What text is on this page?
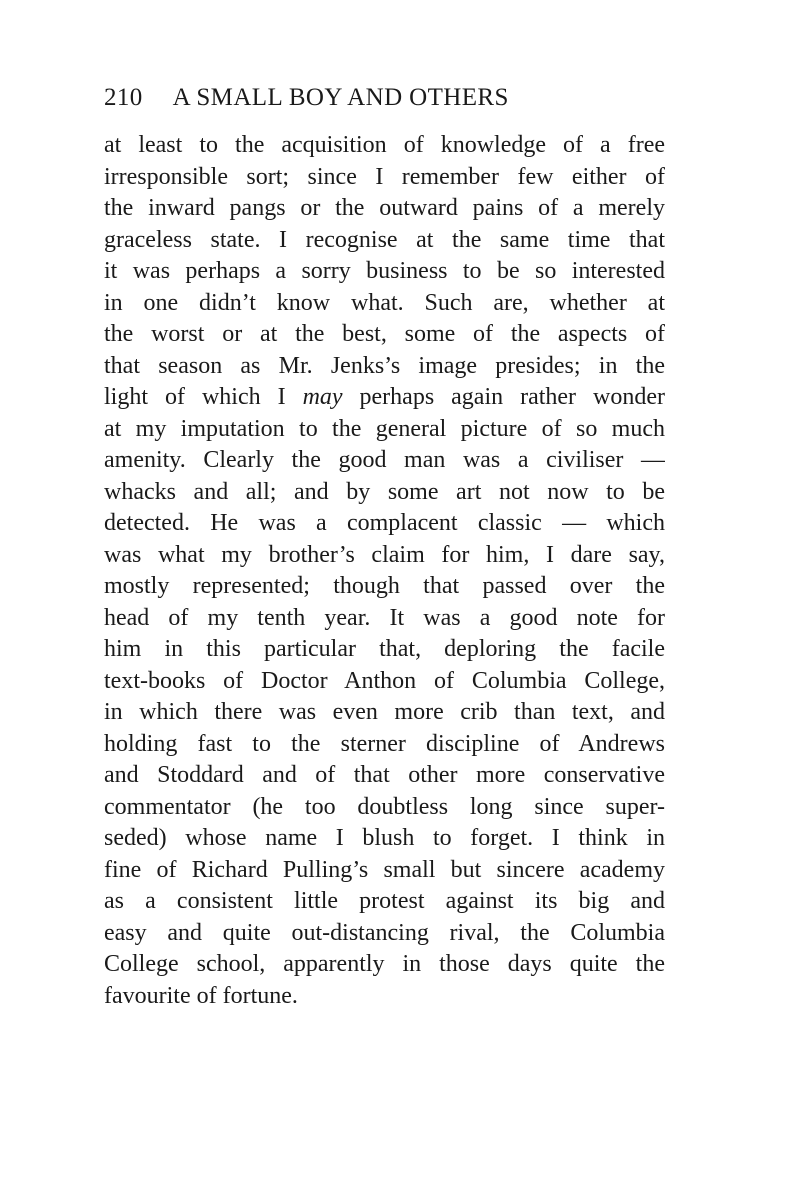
210 A SMALL BOY AND OTHERS
at least to the acquisition of knowledge of a free
irresponsible sort; since I remember few either of
the inward pangs or the outward pains of a merely
graceless state. I recognise at the same time that
it was perhaps a sorry business to be so interested
in one didn’t know what. Such are, whether at
the worst or at the best, some of the aspects of
that season as Mr. Jenks’s image presides; in the
light of which I may perhaps again rather wonder
at my imputation to the general picture of so much
amenity. Clearly the good man was a civiliser —
whacks and all; and by some art not now to be
detected. He was a complacent classic — which
was what my brother’s claim for him, I dare say,
mostly represented; though that passed over the
head of my tenth year. It was a good note for
him in this particular that, deploring the facile
text-books of Doctor Anthon of Columbia College,
in which there was even more crib than text, and
holding fast to the sterner discipline of Andrews
and Stoddard and of that other more conservative
commentator (he too doubtless long since super-
seded) whose name I blush to forget. I think in
fine of Richard Pulling’s small but sincere academy
as a consistent little protest against its big and
easy and quite out-distancing rival, the Columbia
College school, apparently in those days quite the
favourite of fortune.
